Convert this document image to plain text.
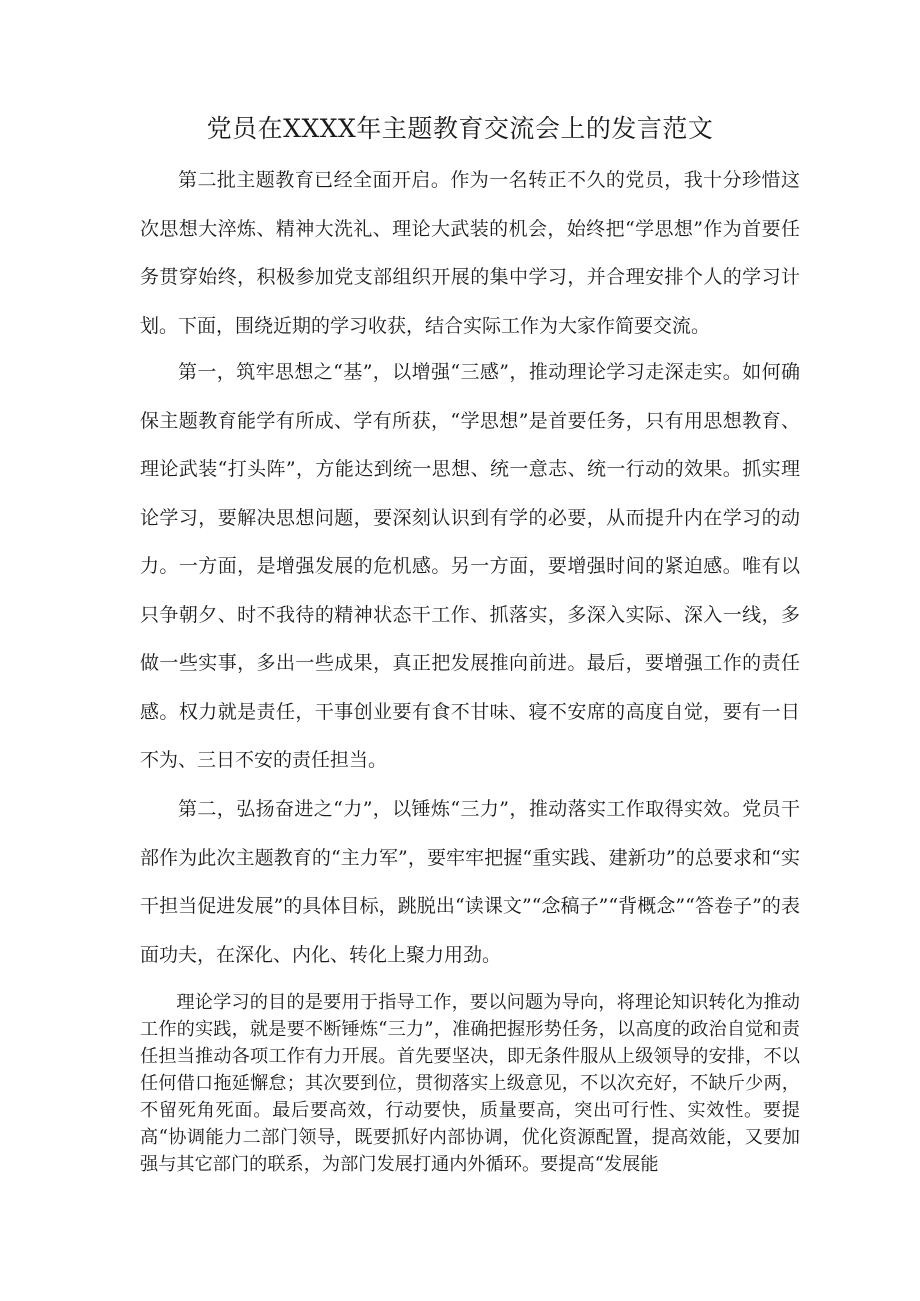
党员在XXXX年主题教育交流会上的发言范文

第二批主题教育已经全面开启。作为一名转正不久的党员，我十分珍惜这次思想大淬炼、精神大洗礼、理论大武装的机会，始终把“学思想”作为首要任务贯穿始终，积极参加党支部组织开展的集中学习，并合理安排个人的学习计划。下面，围绕近期的学习收获，结合实际工作为大家作简要交流。

第一，筑牢思想之“基”，以增强“三感”，推动理论学习走深走实。如何确保主题教育能学有所成、学有所获，“学思想”是首要任务，只有用思想教育、理论武装“打头阵”，方能达到统一思想、统一意志、统一行动的效果。抓实理论学习，要解决思想问题，要深刻认识到有学的必要，从而提升内在学习的动力。一方面，是增强发展的危机感。另一方面，要增强时间的紧迫感。唯有以只争朝夕、时不我待的精神状态干工作、抓落实，多深入实际、深入一线，多做一些实事，多出一些成果，真正把发展推向前进。最后，要增强工作的责任感。权力就是责任，干事创业要有食不甘味、寝不安席的高度自觉，要有一日不为、三日不安的责任担当。

第二，弘扬奋进之“力”，以锤炼“三力”，推动落实工作取得实效。党员干部作为此次主题教育的“主力军”，要牢牢把握“重实践、建新功”的总要求和“实干担当促进发展”的具体目标，跳脱出“读课文”“念稿子”“背概念”“答卷子”的表面功夫，在深化、内化、转化上聚力用劲。

理论学习的目的是要用于指导工作，要以问题为导向，将理论知识转化为推动工作的实践，就是要不断锤炼“三力”，准确把握形势任务，以高度的政治自觉和责任担当推动各项工作有力开展。首先要坚决，即无条件服从上级领导的安排，不以任何借口拖延懈怠；其次要到位，贯彻落实上级意见，不以次充好，不缺斤少两，不留死角死面。最后要高效，行动要快，质量要高，突出可行性、实效性。要提高“协调能力二部门领导，既要抓好内部协调，优化资源配置，提高效能，又要加强与其它部门的联系，为部门发展打通内外循环。要提高“发展能
